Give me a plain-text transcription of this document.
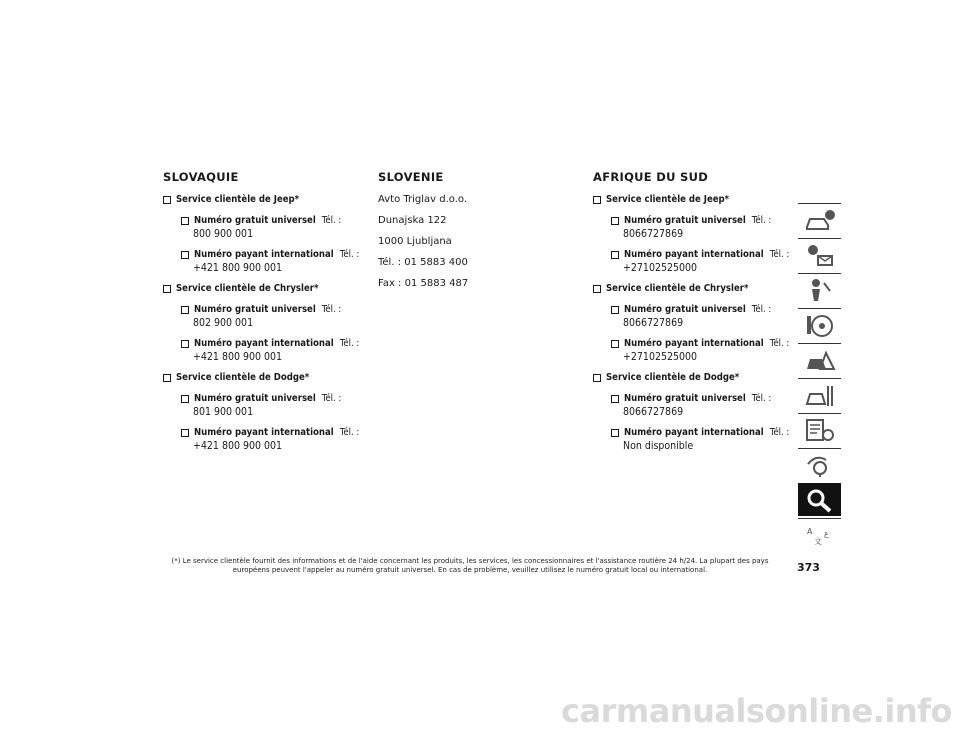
SLOVAQUIE
Service clientèle de Jeep*
Numéro gratuit universel Tél. :
800 900 001
Numéro payant international Tél. :
+421 800 900 001
Service clientèle de Chrysler*
Numéro gratuit universel Tél. :
802 900 001
Numéro payant international Tél. :
+421 800 900 001
Service clientèle de Dodge*
Numéro gratuit universel Tél. :
801 900 001
Numéro payant international Tél. :
+421 800 900 001
SLOVENIE

Avto Triglav d.o.o.

Dunajska 122

1000 Ljubljana

Tél. : 01 5883 400

Fax : 01 5883 487

AFRIQUE DU SUD
Service clientèle de Jeep*
Numéro gratuit universel Tél. :
8066727869
Numéro payant international Tél. :
+27102525000
Service clientèle de Chrysler*
Numéro gratuit universel Tél. :
8066727869
Numéro payant international Tél. :
+27102525000
Service clientèle de Dodge*
Numéro gratuit universel Tél. :
8066727869
Numéro payant international Tél. :
Non disponible
A
文
ع
(*) Le service clientèle fournit des informations et de l'aide concernant les produits, les services, les concessionnaires et l'assistance routière 24 h/24. La plupart des pays européens peuvent l'appeler au numéro gratuit universel. En cas de problème, veuillez utilisez le numéro gratuit local ou international.	373
carmanualsonline.info
